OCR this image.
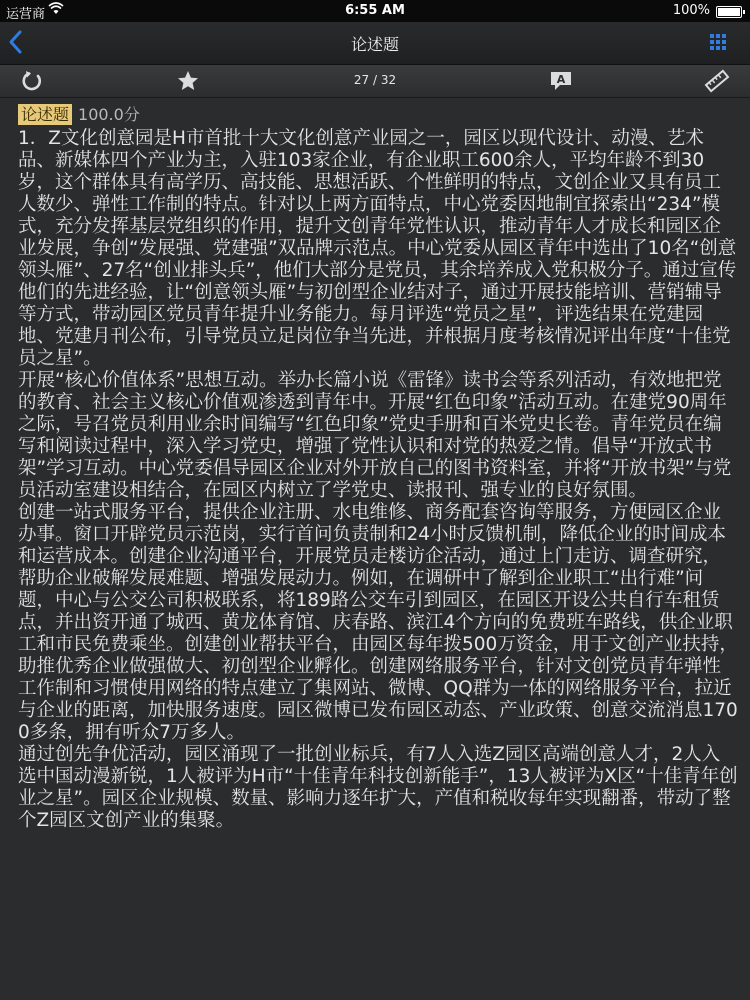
运营商	6:55 AM	100%
论述题
27 / 32	A
论述题 100.0分

1．Z文化创意园是H市首批十大文化创意产业园之一，园区以现代设计、动漫、艺术品、新媒体四个产业为主，入驻103家企业，有企业职工600余人，平均年龄不到30岁，这个群体具有高学历、高技能、思想活跃、个性鲜明的特点，文创企业又具有员工人数少、弹性工作制的特点。针对以上两方面特点，中心党委因地制宜探索出“234”模式，充分发挥基层党组织的作用，提升文创青年党性认识，推动青年人才成长和园区企业发展，争创“发展强、党建强”双品牌示范点。中心党委从园区青年中选出了10名“创意领头雁”、27名“创业排头兵”，他们大部分是党员，其余培养成入党积极分子。通过宣传他们的先进经验，让“创意领头雁”与初创型企业结对子，通过开展技能培训、营销辅导等方式，带动园区党员青年提升业务能力。每月评选“党员之星”，评选结果在党建园地、党建月刊公布，引导党员立足岗位争当先进，并根据月度考核情况评出年度“十佳党员之星”。

开展“核心价值体系”思想互动。举办长篇小说《雷锋》读书会等系列活动，有效地把党的教育、社会主义核心价值观渗透到青年中。开展“红色印象”活动互动。在建党90周年之际，号召党员利用业余时间编写“红色印象”党史手册和百米党史长卷。青年党员在编写和阅读过程中，深入学习党史，增强了党性认识和对党的热爱之情。倡导“开放式书架”学习互动。中心党委倡导园区企业对外开放自己的图书资料室，并将“开放书架”与党员活动室建设相结合，在园区内树立了学党史、读报刊、强专业的良好氛围。

创建一站式服务平台，提供企业注册、水电维修、商务配套咨询等服务，方便园区企业办事。窗口开辟党员示范岗，实行首问负责制和24小时反馈机制，降低企业的时间成本和运营成本。创建企业沟通平台，开展党员走楼访企活动，通过上门走访、调查研究，帮助企业破解发展难题、增强发展动力。例如，在调研中了解到企业职工“出行难”问题，中心与公交公司积极联系，将189路公交车引到园区，在园区开设公共自行车租赁点，并出资开通了城西、黄龙体育馆、庆春路、滨江4个方向的免费班车路线，供企业职工和市民免费乘坐。创建创业帮扶平台，由园区每年拨500万资金，用于文创产业扶持，助推优秀企业做强做大、初创型企业孵化。创建网络服务平台，针对文创党员青年弹性工作制和习惯使用网络的特点建立了集网站、微博、QQ群为一体的网络服务平台，拉近与企业的距离，加快服务速度。园区微博已发布园区动态、产业政策、创意交流消息1700多条，拥有听众7万多人。

通过创先争优活动，园区涌现了一批创业标兵，有7人入选Z园区高端创意人才，2人入选中国动漫新锐，1人被评为H市“十佳青年科技创新能手”，13人被评为X区“十佳青年创业之星”。园区企业规模、数量、影响力逐年扩大，产值和税收每年实现翻番，带动了整个Z园区文创产业的集聚。
